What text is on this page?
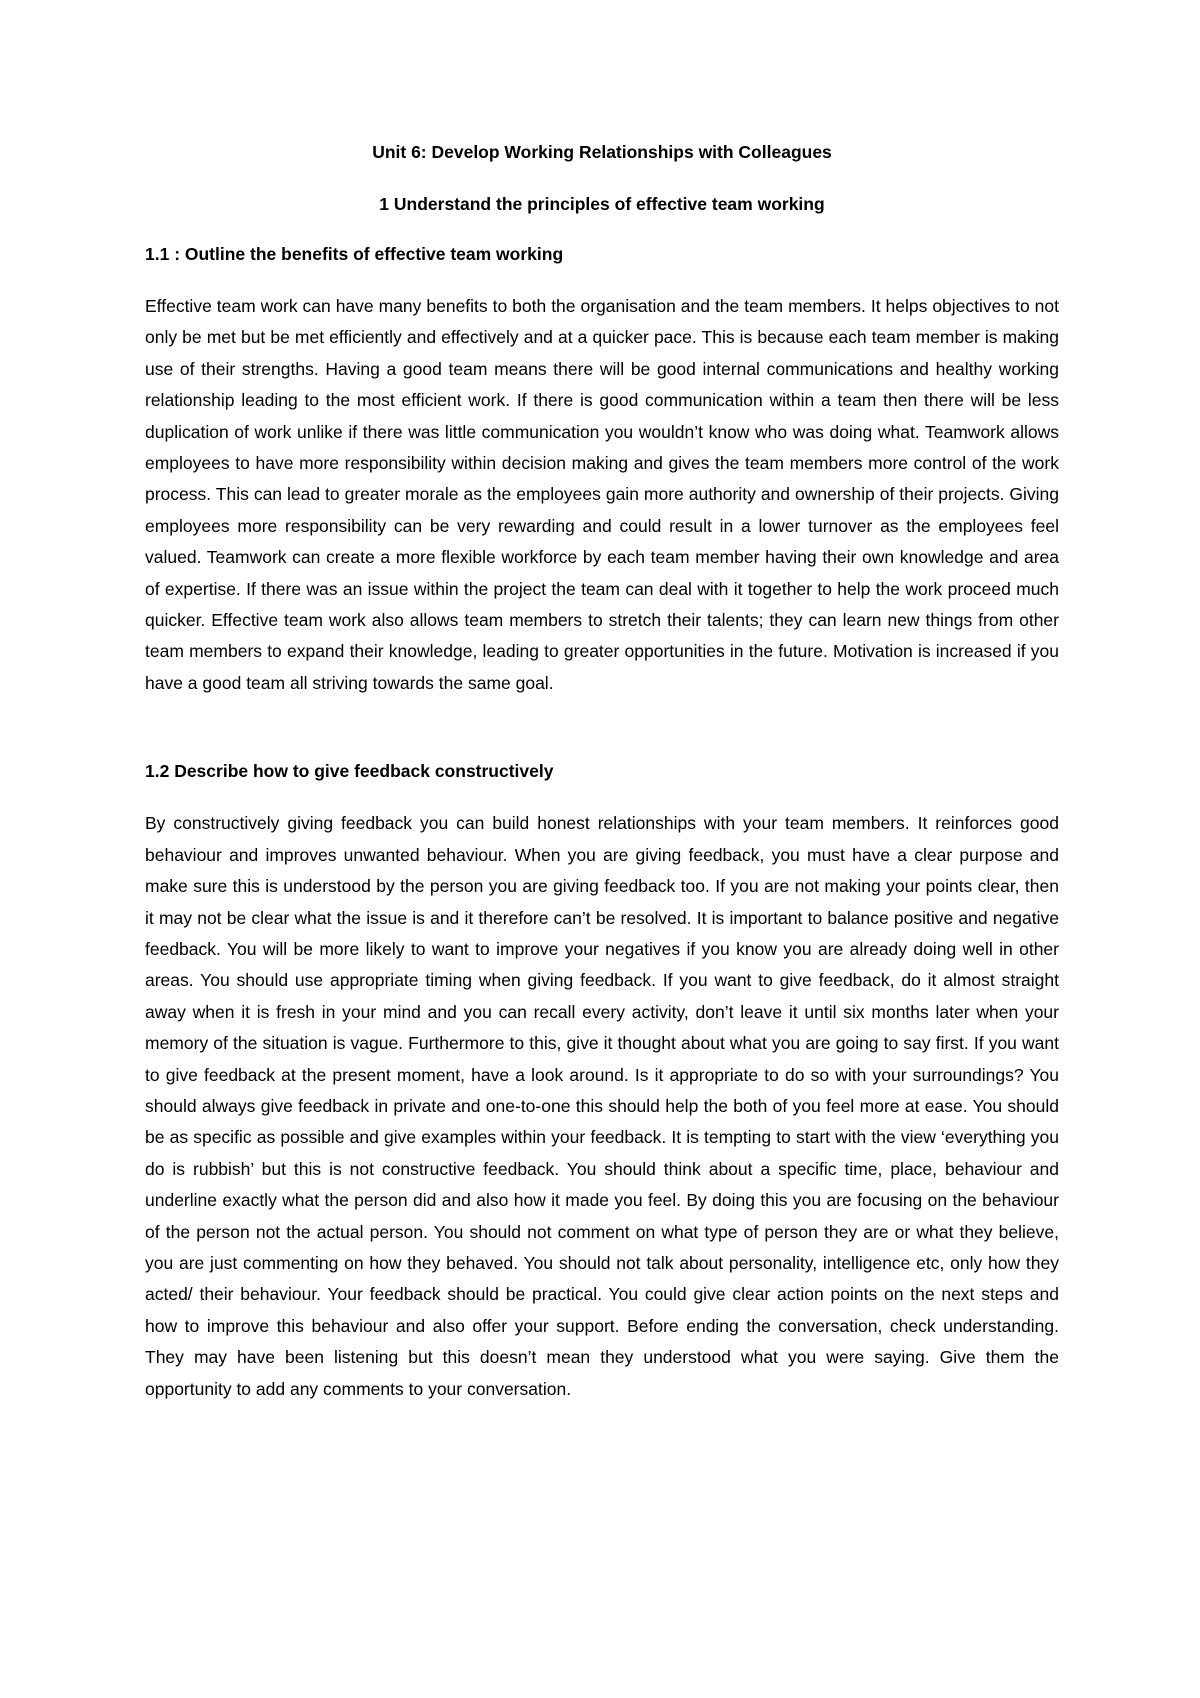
Unit 6: Develop Working Relationships with Colleagues
1 Understand the principles of effective team working
1.1 : Outline the benefits of effective team working

Effective team work can have many benefits to both the organisation and the team members. It helps objectives to not only be met but be met efficiently and effectively and at a quicker pace. This is because each team member is making use of their strengths. Having a good team means there will be good internal communications and healthy working relationship leading to the most efficient work. If there is good communication within a team then there will be less duplication of work unlike if there was little communication you wouldn’t know who was doing what. Teamwork allows employees to have more responsibility within decision making and gives the team members more control of the work process. This can lead to greater morale as the employees gain more authority and ownership of their projects. Giving employees more responsibility can be very rewarding and could result in a lower turnover as the employees feel valued. Teamwork can create a more flexible workforce by each team member having their own knowledge and area of expertise. If there was an issue within the project the team can deal with it together to help the work proceed much quicker. Effective team work also allows team members to stretch their talents; they can learn new things from other team members to expand their knowledge, leading to greater opportunities in the future. Motivation is increased if you have a good team all striving towards the same goal.

1.2 Describe how to give feedback constructively

By constructively giving feedback you can build honest relationships with your team members. It reinforces good behaviour and improves unwanted behaviour. When you are giving feedback, you must have a clear purpose and make sure this is understood by the person you are giving feedback too. If you are not making your points clear, then it may not be clear what the issue is and it therefore can’t be resolved. It is important to balance positive and negative feedback. You will be more likely to want to improve your negatives if you know you are already doing well in other areas. You should use appropriate timing when giving feedback. If you want to give feedback, do it almost straight away when it is fresh in your mind and you can recall every activity, don’t leave it until six months later when your memory of the situation is vague. Furthermore to this, give it thought about what you are going to say first. If you want to give feedback at the present moment, have a look around. Is it appropriate to do so with your surroundings? You should always give feedback in private and one-to-one this should help the both of you feel more at ease. You should be as specific as possible and give examples within your feedback. It is tempting to start with the view ‘everything you do is rubbish’ but this is not constructive feedback. You should think about a specific time, place, behaviour and underline exactly what the person did and also how it made you feel. By doing this you are focusing on the behaviour of the person not the actual person. You should not comment on what type of person they are or what they believe, you are just commenting on how they behaved. You should not talk about personality, intelligence etc, only how they acted/ their behaviour. Your feedback should be practical. You could give clear action points on the next steps and how to improve this behaviour and also offer your support. Before ending the conversation, check understanding. They may have been listening but this doesn’t mean they understood what you were saying. Give them the opportunity to add any comments to your conversation.
